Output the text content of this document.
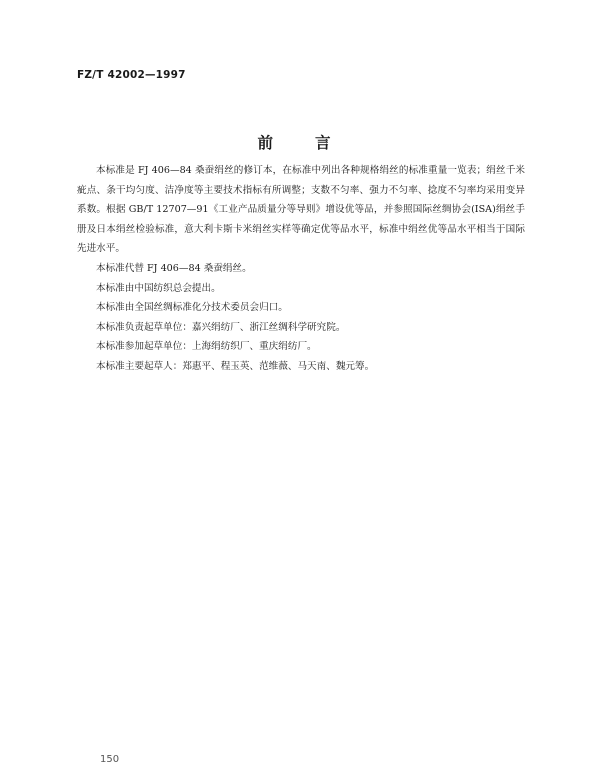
FZ/T 42002—1997
前言

本标准是 FJ 406—84 桑蚕绢丝的修订本，在标准中列出各种规格绢丝的标准重量一览表；绢丝千米疵点、条干均匀度、洁净度等主要技术指标有所调整；支数不匀率、强力不匀率、捻度不匀率均采用变异系数。根据 GB/T 12707—91《工业产品质量分等导则》增设优等品，并参照国际丝绸协会(ISA)绢丝手册及日本绢丝检验标准，意大利卡斯卡米绢丝实样等确定优等品水平，标准中绢丝优等品水平相当于国际先进水平。

本标准代替 FJ 406—84 桑蚕绢丝。

本标准由中国纺织总会提出。

本标准由全国丝绸标准化分技术委员会归口。

本标准负责起草单位：嘉兴绢纺厂、浙江丝绸科学研究院。

本标准参加起草单位：上海绢纺织厂、重庆绢纺厂。

本标准主要起草人：郑惠平、程玉英、范维薇、马天南、魏元筹。

150
